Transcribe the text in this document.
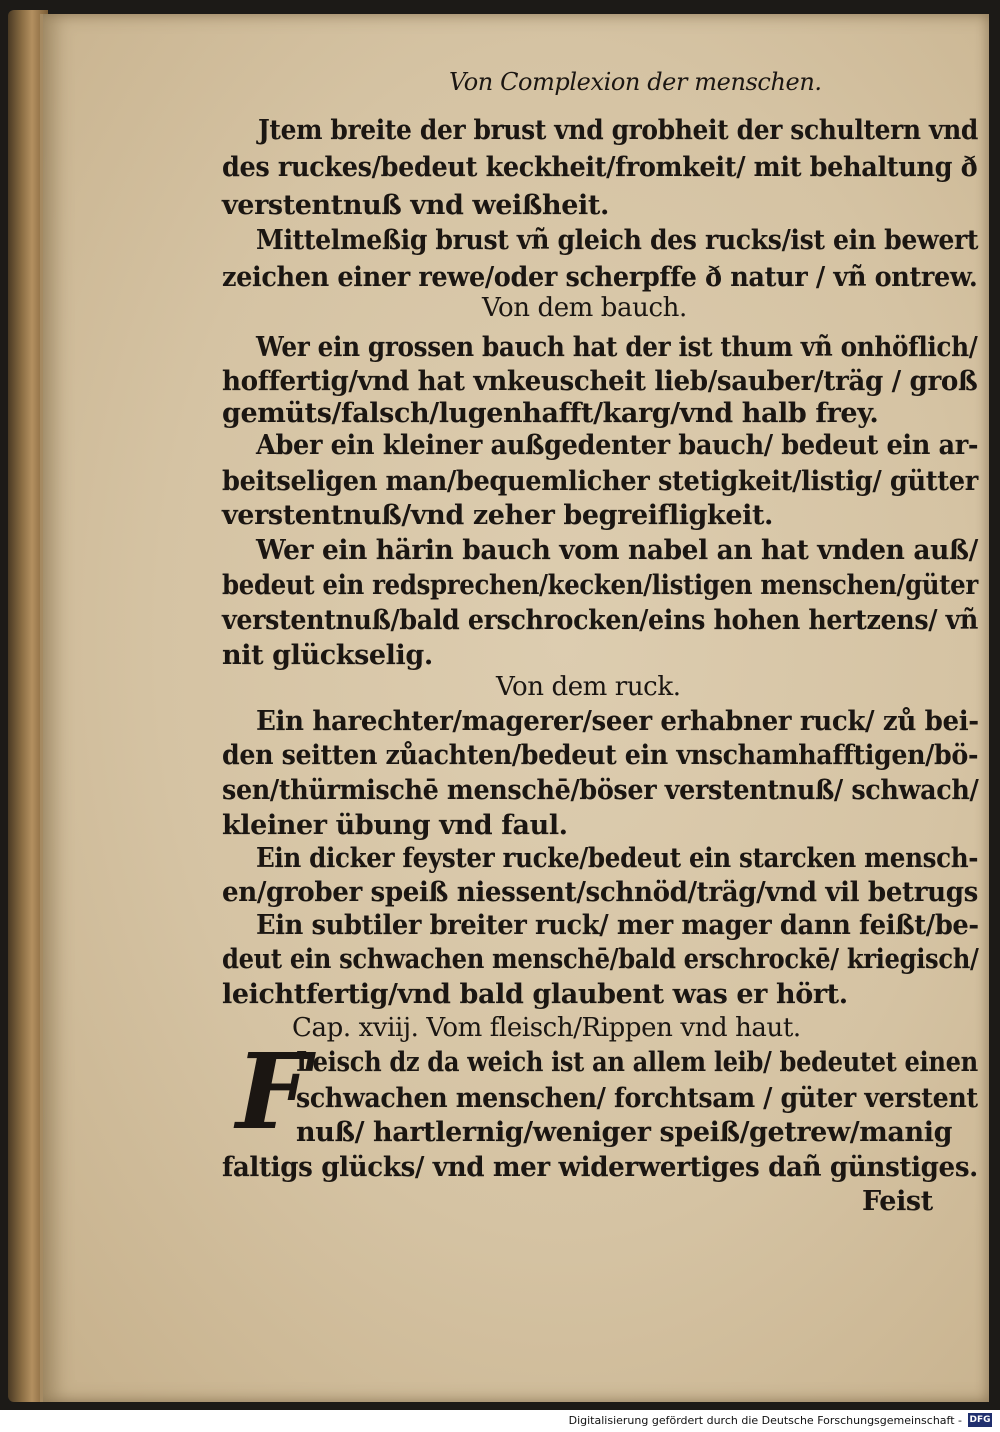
Von Complexion der menschen.
Jtem breite der brust vnd grobheit der schultern vnd
des ruckes/bedeut keckheit/fromkeit/ mit behaltung ð
verstentnuß vnd weißheit.
Mittelmeßig brust vñ gleich des rucks/ist ein bewert
zeichen einer rewe/oder scherpffe ð natur / vñ ontrew.
Von dem bauch.
Wer ein grossen bauch hat der ist thum vñ onhöflich/
hoffertig/vnd hat vnkeuscheit lieb/sauber/träg / groß
gemüts/falsch/lugenhafft/karg/vnd halb frey.
Aber ein kleiner außgedenter bauch/ bedeut ein ar-
beitseligen man/bequemlicher stetigkeit/listig/ gütter
verstentnuß/vnd zeher begreifligkeit.
Wer ein härin bauch vom nabel an hat vnden auß/
bedeut ein redsprechen/kecken/listigen menschen/güter
verstentnuß/bald erschrocken/eins hohen hertzens/ vñ
nit glückselig.
Von dem ruck.
Ein harechter/magerer/seer erhabner ruck/ zů bei-
den seitten zůachten/bedeut ein vnschamhafftigen/bö-
sen/thürmischē menschē/böser verstentnuß/ schwach/
kleiner übung vnd faul.
Ein dicker feyster rucke/bedeut ein starcken mensch-
en/grober speiß niessent/schnöd/träg/vnd vil betrugs
Ein subtiler breiter ruck/ mer mager dann feißt/be-
deut ein schwachen menschē/bald erschrockē/ kriegisch/
leichtfertig/vnd bald glaubent was er hört.
Cap. xviij. Vom fleisch/Rippen vnd haut.
F
Leisch dz da weich ist an allem leib/ bedeutet einen
schwachen menschen/ forchtsam / güter verstent
nuß/ hartlernig/weniger speiß/getrew/manig
faltigs glücks/ vnd mer widerwertiges dañ günstiges.
Feist
Digitalisierung gefördert durch die Deutsche Forschungsgemeinschaft - DFG
